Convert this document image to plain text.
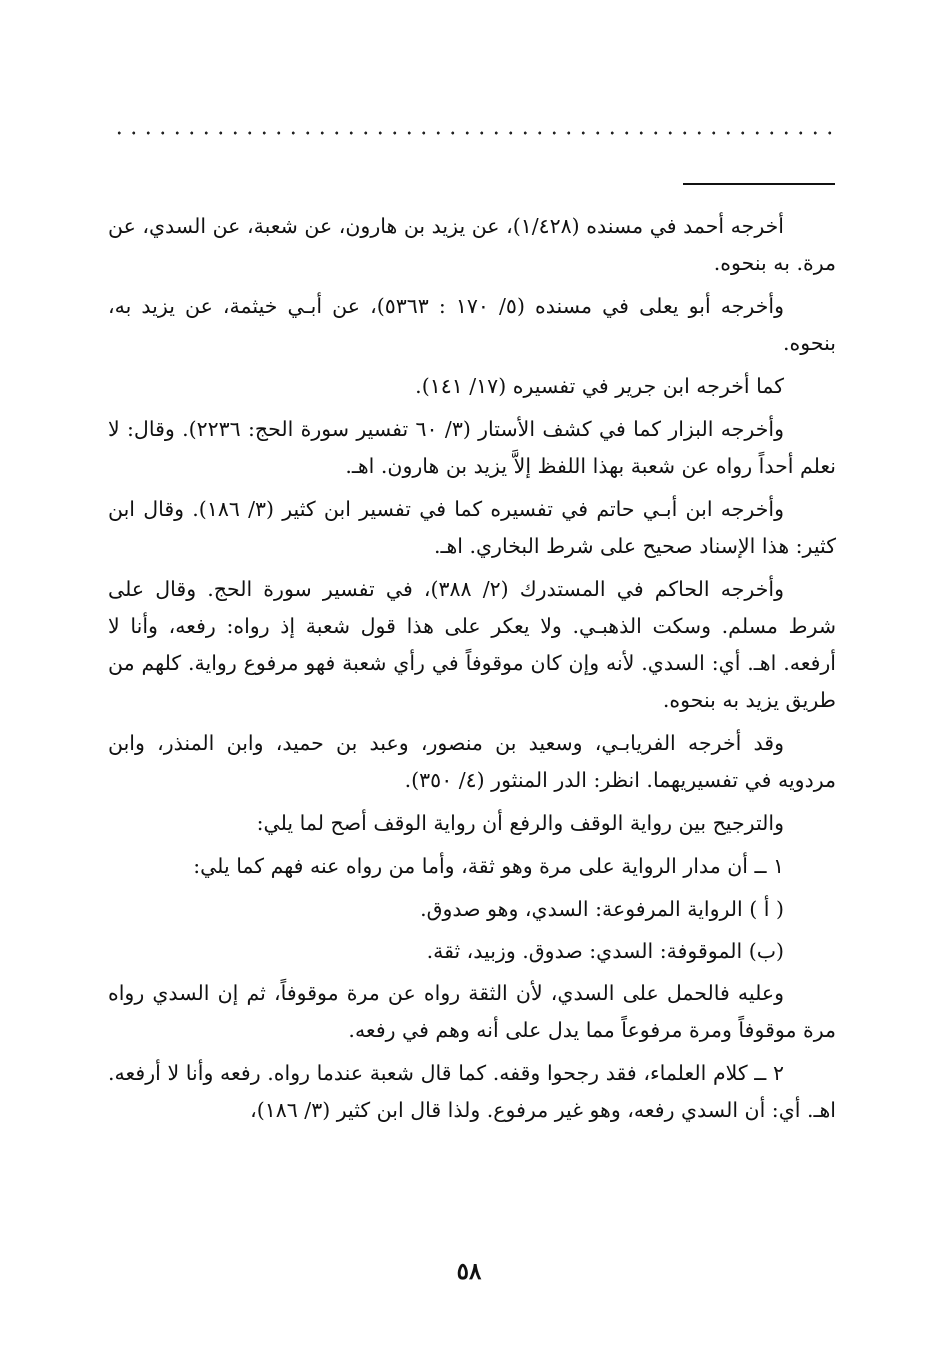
أخرجه أحمد في مسنده (١/٤٢٨)، عن يزيد بن هارون، عن شعبة، عن السدي، عن مرة. به بنحوه.

وأخرجه أبو يعلى في مسنده (٥/ ١٧٠ : ٥٣٦٣)، عن أبـي خيثمة، عن يزيد به، بنحوه.

كما أخرجه ابن جرير في تفسيره (١٧/ ١٤١).

وأخرجه البزار كما في كشف الأستار (٣/ ٦٠ تفسير سورة الحج: ٢٢٣٦). وقال: لا نعلم أحداً رواه عن شعبة بهذا اللفظ إلاَّ يزيد بن هارون. اهـ.

وأخرجه ابن أبـي حاتم في تفسيره كما في تفسير ابن كثير (٣/ ١٨٦). وقال ابن كثير: هذا الإسناد صحيح على شرط البخاري. اهـ.

وأخرجه الحاكم في المستدرك (٢/ ٣٨٨)، في تفسير سورة الحج. وقال على شرط مسلم. وسكت الذهبـي. ولا يعكر على هذا قول شعبة إذ رواه: رفعه، وأنا لا أرفعه. اهـ. أي: السدي. لأنه وإن كان موقوفاً في رأي شعبة فهو مرفوع رواية. كلهم من طريق يزيد به بنحوه.

وقد أخرجه الفريابـي، وسعيد بن منصور، وعبد بن حميد، وابن المنذر، وابن مردويه في تفسيريهما. انظر: الدر المنثور (٤/ ٣٥٠).

والترجيح بين رواية الوقف والرفع أن رواية الوقف أصح لما يلي:

١ ــ أن مدار الرواية على مرة وهو ثقة، وأما من رواه عنه فهم كما يلي:

( أ ) الرواية المرفوعة: السدي، وهو صدوق.

(ب) الموقوفة: السدي: صدوق. وزبيد، ثقة.

وعليه فالحمل على السدي، لأن الثقة رواه عن مرة موقوفاً، ثم إن السدي رواه مرة موقوفاً ومرة مرفوعاً مما يدل على أنه وهم في رفعه.

٢ ــ كلام العلماء، فقد رجحوا وقفه. كما قال شعبة عندما رواه. رفعه وأنا لا أرفعه. اهـ. أي: أن السدي رفعه، وهو غير مرفوع. ولذا قال ابن كثير (٣/ ١٨٦)،

٥٨
